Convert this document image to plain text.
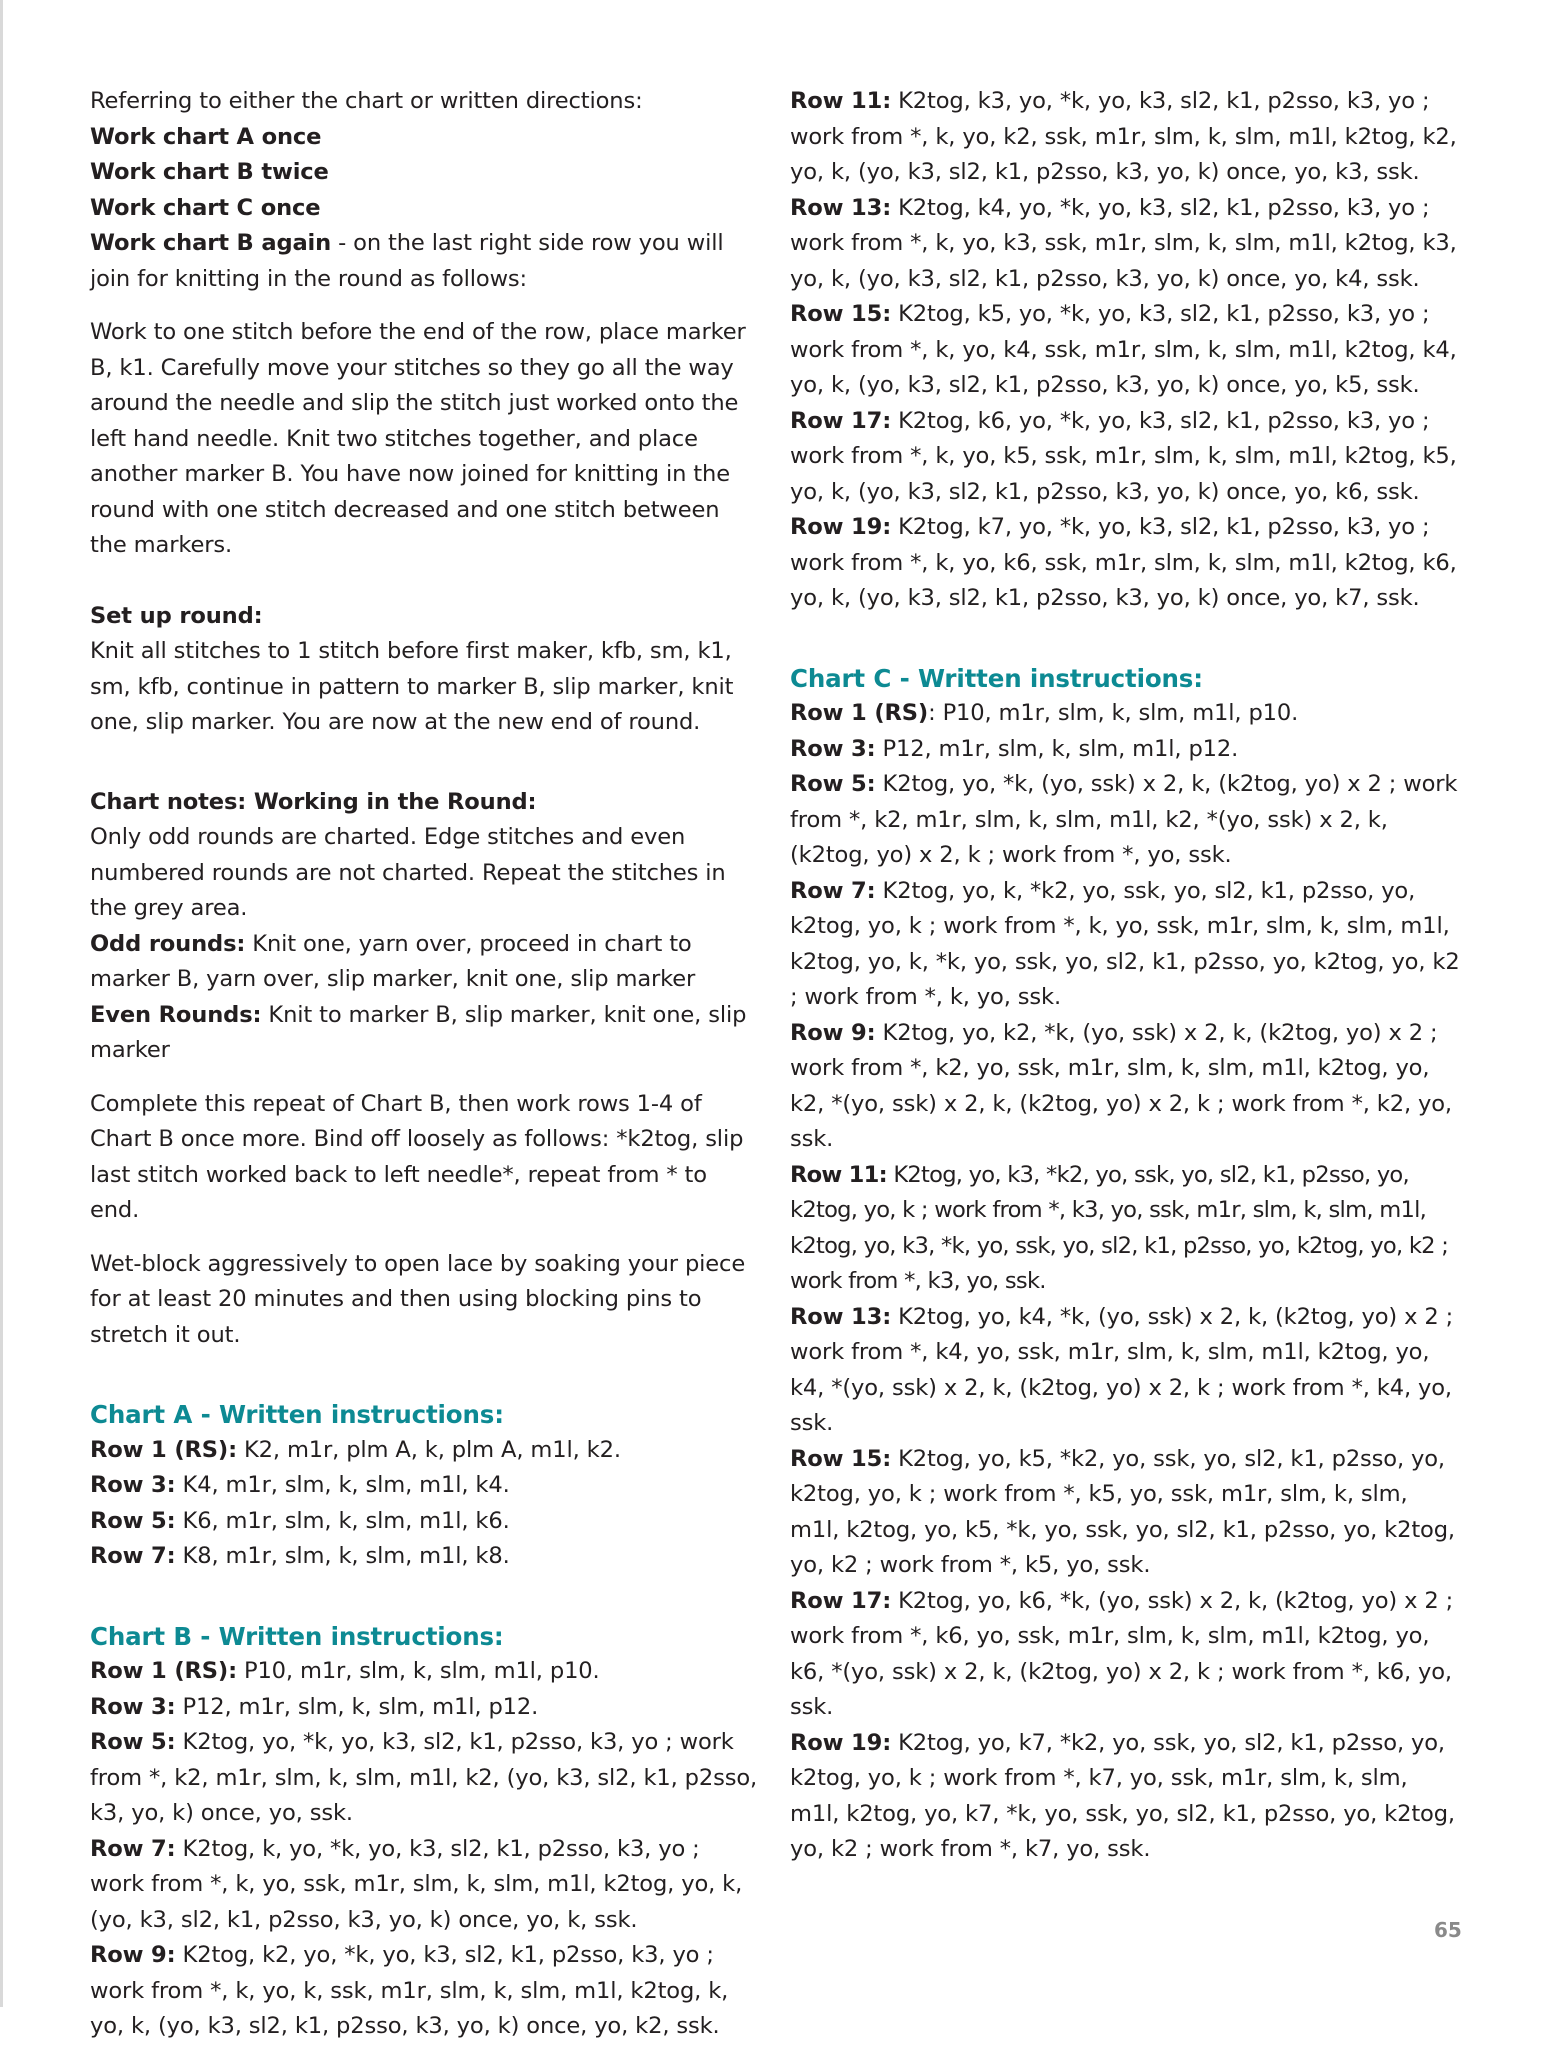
Referring to either the chart or written directions:

Work chart A once

Work chart B twice

Work chart C once

Work chart B again - on the last right side row you will join for knitting in the round as follows:

Work to one stitch before the end of the row, place marker B, k1. Carefully move your stitches so they go all the way around the needle and slip the stitch just worked onto the left hand needle. Knit two stitches together, and place another marker B. You have now joined for knitting in the round with one stitch decreased and one stitch between the markers.

Set up round:

Knit all stitches to 1 stitch before first maker, kfb, sm, k1, sm, kfb, continue in pattern to marker B, slip marker, knit one, slip marker. You are now at the new end of round.

Chart notes: Working in the Round:

Only odd rounds are charted. Edge stitches and even numbered rounds are not charted. Repeat the stitches in the grey area.

Odd rounds: Knit one, yarn over, proceed in chart to marker B, yarn over, slip marker, knit one, slip marker

Even Rounds: Knit to marker B, slip marker, knit one, slip marker

Complete this repeat of Chart B, then work rows 1-4 of Chart B once more. Bind off loosely as follows: *k2tog, slip last stitch worked back to left needle*, repeat from * to end.

Wet-block aggressively to open lace by soaking your piece for at least 20 minutes and then using blocking pins to stretch it out.

Chart A - Written instructions:

Row 1 (RS): K2, m1r, plm A, k, plm A, m1l, k2.

Row 3: K4, m1r, slm, k, slm, m1l, k4.

Row 5: K6, m1r, slm, k, slm, m1l, k6.

Row 7: K8, m1r, slm, k, slm, m1l, k8.

Chart B - Written instructions:

Row 1 (RS): P10, m1r, slm, k, slm, m1l, p10.

Row 3: P12, m1r, slm, k, slm, m1l, p12.

Row 5: K2tog, yo, *k, yo, k3, sl2, k1, p2sso, k3, yo ; work from *, k2, m1r, slm, k, slm, m1l, k2, (yo, k3, sl2, k1, p2sso, k3, yo, k) once, yo, ssk.

Row 7: K2tog, k, yo, *k, yo, k3, sl2, k1, p2sso, k3, yo ; work from *, k, yo, ssk, m1r, slm, k, slm, m1l, k2tog, yo, k, (yo, k3, sl2, k1, p2sso, k3, yo, k) once, yo, k, ssk.

Row 9: K2tog, k2, yo, *k, yo, k3, sl2, k1, p2sso, k3, yo ; work from *, k, yo, k, ssk, m1r, slm, k, slm, m1l, k2tog, k, yo, k, (yo, k3, sl2, k1, p2sso, k3, yo, k) once, yo, k2, ssk.

Row 11: K2tog, k3, yo, *k, yo, k3, sl2, k1, p2sso, k3, yo ; work from *, k, yo, k2, ssk, m1r, slm, k, slm, m1l, k2tog, k2, yo, k, (yo, k3, sl2, k1, p2sso, k3, yo, k) once, yo, k3, ssk.

Row 13: K2tog, k4, yo, *k, yo, k3, sl2, k1, p2sso, k3, yo ; work from *, k, yo, k3, ssk, m1r, slm, k, slm, m1l, k2tog, k3, yo, k, (yo, k3, sl2, k1, p2sso, k3, yo, k) once, yo, k4, ssk.

Row 15: K2tog, k5, yo, *k, yo, k3, sl2, k1, p2sso, k3, yo ; work from *, k, yo, k4, ssk, m1r, slm, k, slm, m1l, k2tog, k4, yo, k, (yo, k3, sl2, k1, p2sso, k3, yo, k) once, yo, k5, ssk.

Row 17: K2tog, k6, yo, *k, yo, k3, sl2, k1, p2sso, k3, yo ; work from *, k, yo, k5, ssk, m1r, slm, k, slm, m1l, k2tog, k5, yo, k, (yo, k3, sl2, k1, p2sso, k3, yo, k) once, yo, k6, ssk.

Row 19: K2tog, k7, yo, *k, yo, k3, sl2, k1, p2sso, k3, yo ; work from *, k, yo, k6, ssk, m1r, slm, k, slm, m1l, k2tog, k6, yo, k, (yo, k3, sl2, k1, p2sso, k3, yo, k) once, yo, k7, ssk.

Chart C - Written instructions:

Row 1 (RS): P10, m1r, slm, k, slm, m1l, p10.

Row 3: P12, m1r, slm, k, slm, m1l, p12.

Row 5: K2tog, yo, *k, (yo, ssk) x 2, k, (k2tog, yo) x 2 ; work from *, k2, m1r, slm, k, slm, m1l, k2, *(yo, ssk) x 2, k, (k2tog, yo) x 2, k ; work from *, yo, ssk.

Row 7: K2tog, yo, k, *k2, yo, ssk, yo, sl2, k1, p2sso, yo, k2tog, yo, k ; work from *, k, yo, ssk, m1r, slm, k, slm, m1l, k2tog, yo, k, *k, yo, ssk, yo, sl2, k1, p2sso, yo, k2tog, yo, k2 ; work from *, k, yo, ssk.

Row 9: K2tog, yo, k2, *k, (yo, ssk) x 2, k, (k2tog, yo) x 2 ; work from *, k2, yo, ssk, m1r, slm, k, slm, m1l, k2tog, yo, k2, *(yo, ssk) x 2, k, (k2tog, yo) x 2, k ; work from *, k2, yo, ssk.

Row 11: K2tog, yo, k3, *k2, yo, ssk, yo, sl2, k1, p2sso, yo, k2tog, yo, k ; work from *, k3, yo, ssk, m1r, slm, k, slm, m1l, k2tog, yo, k3, *k, yo, ssk, yo, sl2, k1, p2sso, yo, k2tog, yo, k2 ; work from *, k3, yo, ssk.

Row 13: K2tog, yo, k4, *k, (yo, ssk) x 2, k, (k2tog, yo) x 2 ; work from *, k4, yo, ssk, m1r, slm, k, slm, m1l, k2tog, yo, k4, *(yo, ssk) x 2, k, (k2tog, yo) x 2, k ; work from *, k4, yo, ssk.

Row 15: K2tog, yo, k5, *k2, yo, ssk, yo, sl2, k1, p2sso, yo, k2tog, yo, k ; work from *, k5, yo, ssk, m1r, slm, k, slm, m1l, k2tog, yo, k5, *k, yo, ssk, yo, sl2, k1, p2sso, yo, k2tog, yo, k2 ; work from *, k5, yo, ssk.

Row 17: K2tog, yo, k6, *k, (yo, ssk) x 2, k, (k2tog, yo) x 2 ; work from *, k6, yo, ssk, m1r, slm, k, slm, m1l, k2tog, yo, k6, *(yo, ssk) x 2, k, (k2tog, yo) x 2, k ; work from *, k6, yo, ssk.

Row 19: K2tog, yo, k7, *k2, yo, ssk, yo, sl2, k1, p2sso, yo, k2tog, yo, k ; work from *, k7, yo, ssk, m1r, slm, k, slm, m1l, k2tog, yo, k7, *k, yo, ssk, yo, sl2, k1, p2sso, yo, k2tog, yo, k2 ; work from *, k7, yo, ssk.

65
